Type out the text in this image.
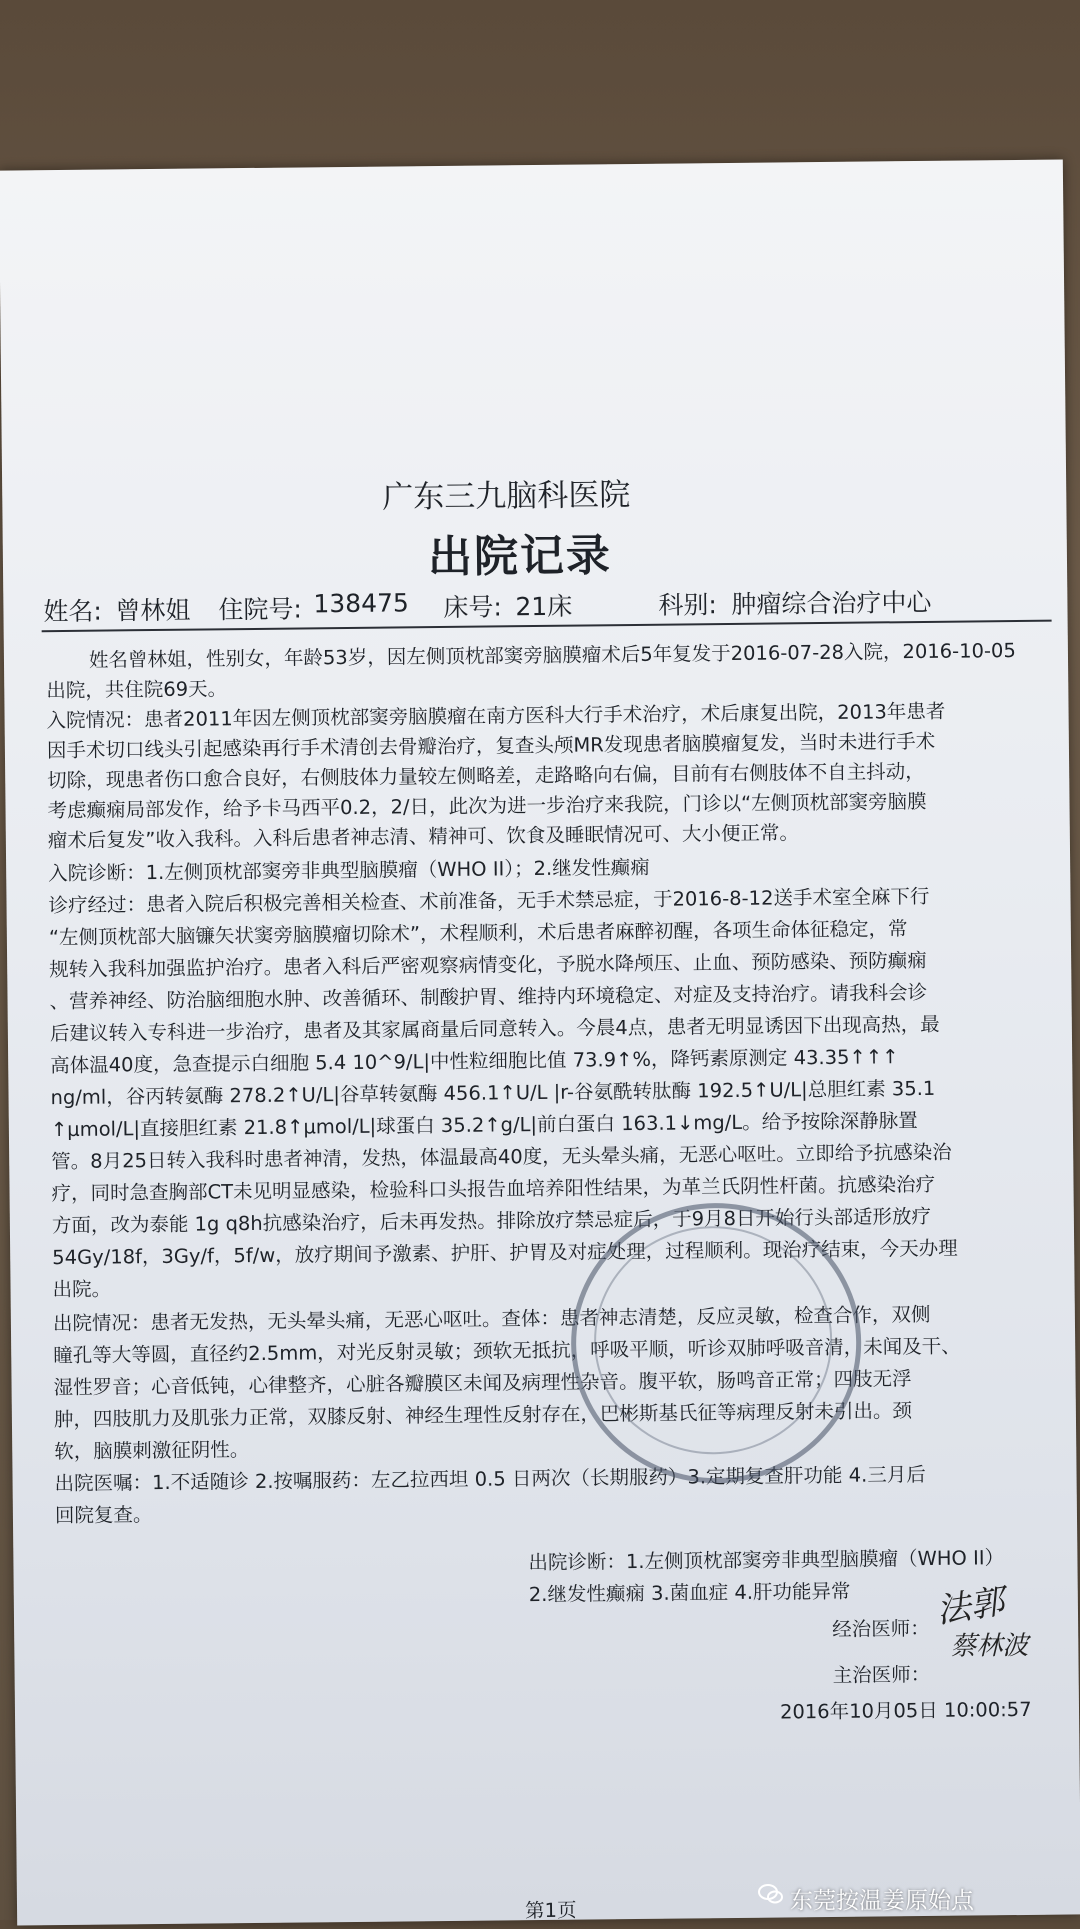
广东三九脑科医院
出院记录
姓名: 曾林姐 住院号: 138475 床号: 21床	科别: 肿瘤综合治疗中心
姓名曾林姐，性别女，年龄53岁，因左侧顶枕部窦旁脑膜瘤术后5年复发于2016-07-28入院，2016-10-05
出院，共住院69天。
入院情况：患者2011年因左侧顶枕部窦旁脑膜瘤在南方医科大行手术治疗，术后康复出院，2013年患者
因手术切口线头引起感染再行手术清创去骨瓣治疗，复查头颅MR发现患者脑膜瘤复发，当时未进行手术
切除，现患者伤口愈合良好，右侧肢体力量较左侧略差，走路略向右偏，目前有右侧肢体不自主抖动，
考虑癫痫局部发作，给予卡马西平0.2，2/日，此次为进一步治疗来我院，门诊以“左侧顶枕部窦旁脑膜
瘤术后复发”收入我科。入科后患者神志清、精神可、饮食及睡眠情况可、大小便正常。
入院诊断：1.左侧顶枕部窦旁非典型脑膜瘤（WHO II）；2.继发性癫痫
诊疗经过：患者入院后积极完善相关检查、术前准备，无手术禁忌症，于2016-8-12送手术室全麻下行
“左侧顶枕部大脑镰矢状窦旁脑膜瘤切除术”，术程顺利，术后患者麻醉初醒，各项生命体征稳定，常
规转入我科加强监护治疗。患者入科后严密观察病情变化，予脱水降颅压、止血、预防感染、预防癫痫
、营养神经、防治脑细胞水肿、改善循环、制酸护胃、维持内环境稳定、对症及支持治疗。请我科会诊
后建议转入专科进一步治疗，患者及其家属商量后同意转入。今晨4点，患者无明显诱因下出现高热，最
高体温40度，急查提示白细胞 5.4 10^9/L|中性粒细胞比值 73.9↑%，降钙素原测定 43.35↑↑↑
ng/ml，谷丙转氨酶 278.2↑U/L|谷草转氨酶 456.1↑U/L |r-谷氨酰转肽酶 192.5↑U/L|总胆红素 35.1
↑μmol/L|直接胆红素 21.8↑μmol/L|球蛋白 35.2↑g/L|前白蛋白 163.1↓mg/L。给予按除深静脉置
管。8月25日转入我科时患者神清，发热，体温最高40度，无头晕头痛，无恶心呕吐。立即给予抗感染治
疗，同时急查胸部CT未见明显感染，检验科口头报告血培养阳性结果，为革兰氏阴性杆菌。抗感染治疗
方面，改为泰能 1g q8h抗感染治疗，后未再发热。排除放疗禁忌症后，于9月8日开始行头部适形放疗
54Gy/18f，3Gy/f，5f/w，放疗期间予激素、护肝、护胃及对症处理，过程顺利。现治疗结束，今天办理
出院。
出院情况：患者无发热，无头晕头痛，无恶心呕吐。查体：患者神志清楚，反应灵敏，检查合作，双侧
瞳孔等大等圆，直径约2.5mm，对光反射灵敏；颈软无抵抗，呼吸平顺，听诊双肺呼吸音清，未闻及干、
湿性罗音；心音低钝，心律整齐，心脏各瓣膜区未闻及病理性杂音。腹平软，肠鸣音正常；四肢无浮
肿，四肢肌力及肌张力正常，双膝反射、神经生理性反射存在，巴彬斯基氏征等病理反射未引出。颈
软，脑膜刺激征阴性。
出院医嘱：1.不适随诊 2.按嘱服药：左乙拉西坦 0.5 日两次（长期服药）3.定期复查肝功能 4.三月后
回院复查。
出院诊断：1.左侧顶枕部窦旁非典型脑膜瘤（WHO II）
2.继发性癫痫 3.菌血症 4.肝功能异常
经治医师： 法郭
主治医师：
蔡林波
2016年10月05日 10:00:57
第1页	东莞按温姜原始点
